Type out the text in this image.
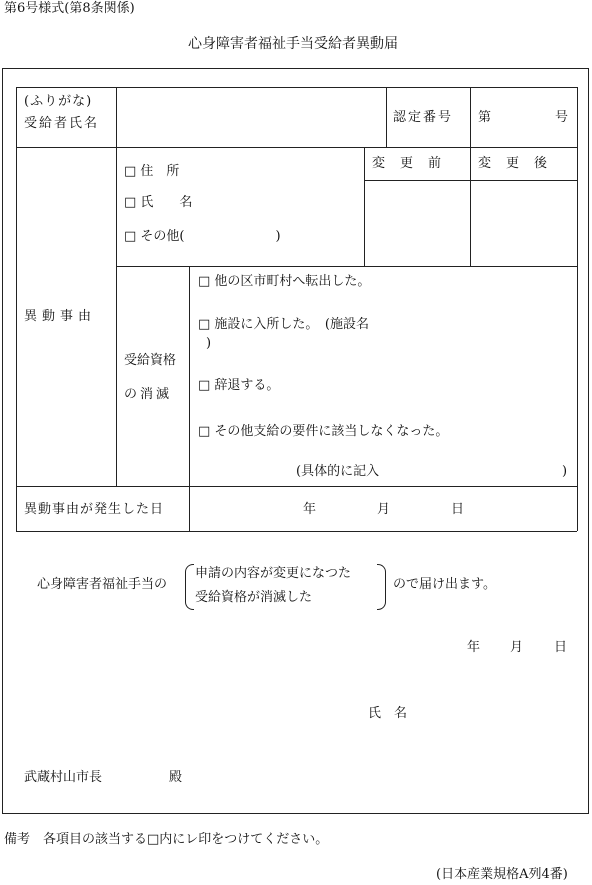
第6号様式(第8条関係)
心身障害者福祉手当受給者異動届
(ふりがな)
受給者氏名	認定番号 第	号
□ 住　所
□ 氏　　名
□ その他(　　　　　　　)
変　更　前	変　更　後
異動事由
受給資格
の消滅
□ 他の区市町村へ転出した。
□ 施設に入所した。　(施設名
)
□ 辞退する。
□ その他支給の要件に該当しなくなった。
(具体的に記入	)
異動事由が発生した日	年	月	日
心身障害者福祉手当の
申請の内容が変更になつた
受給資格が消滅した
ので届け出ます。
年 月 日
氏　名
武蔵村山市長	殿
備考　各項目の該当する□内にレ印をつけてください。
(日本産業規格A列4番)
